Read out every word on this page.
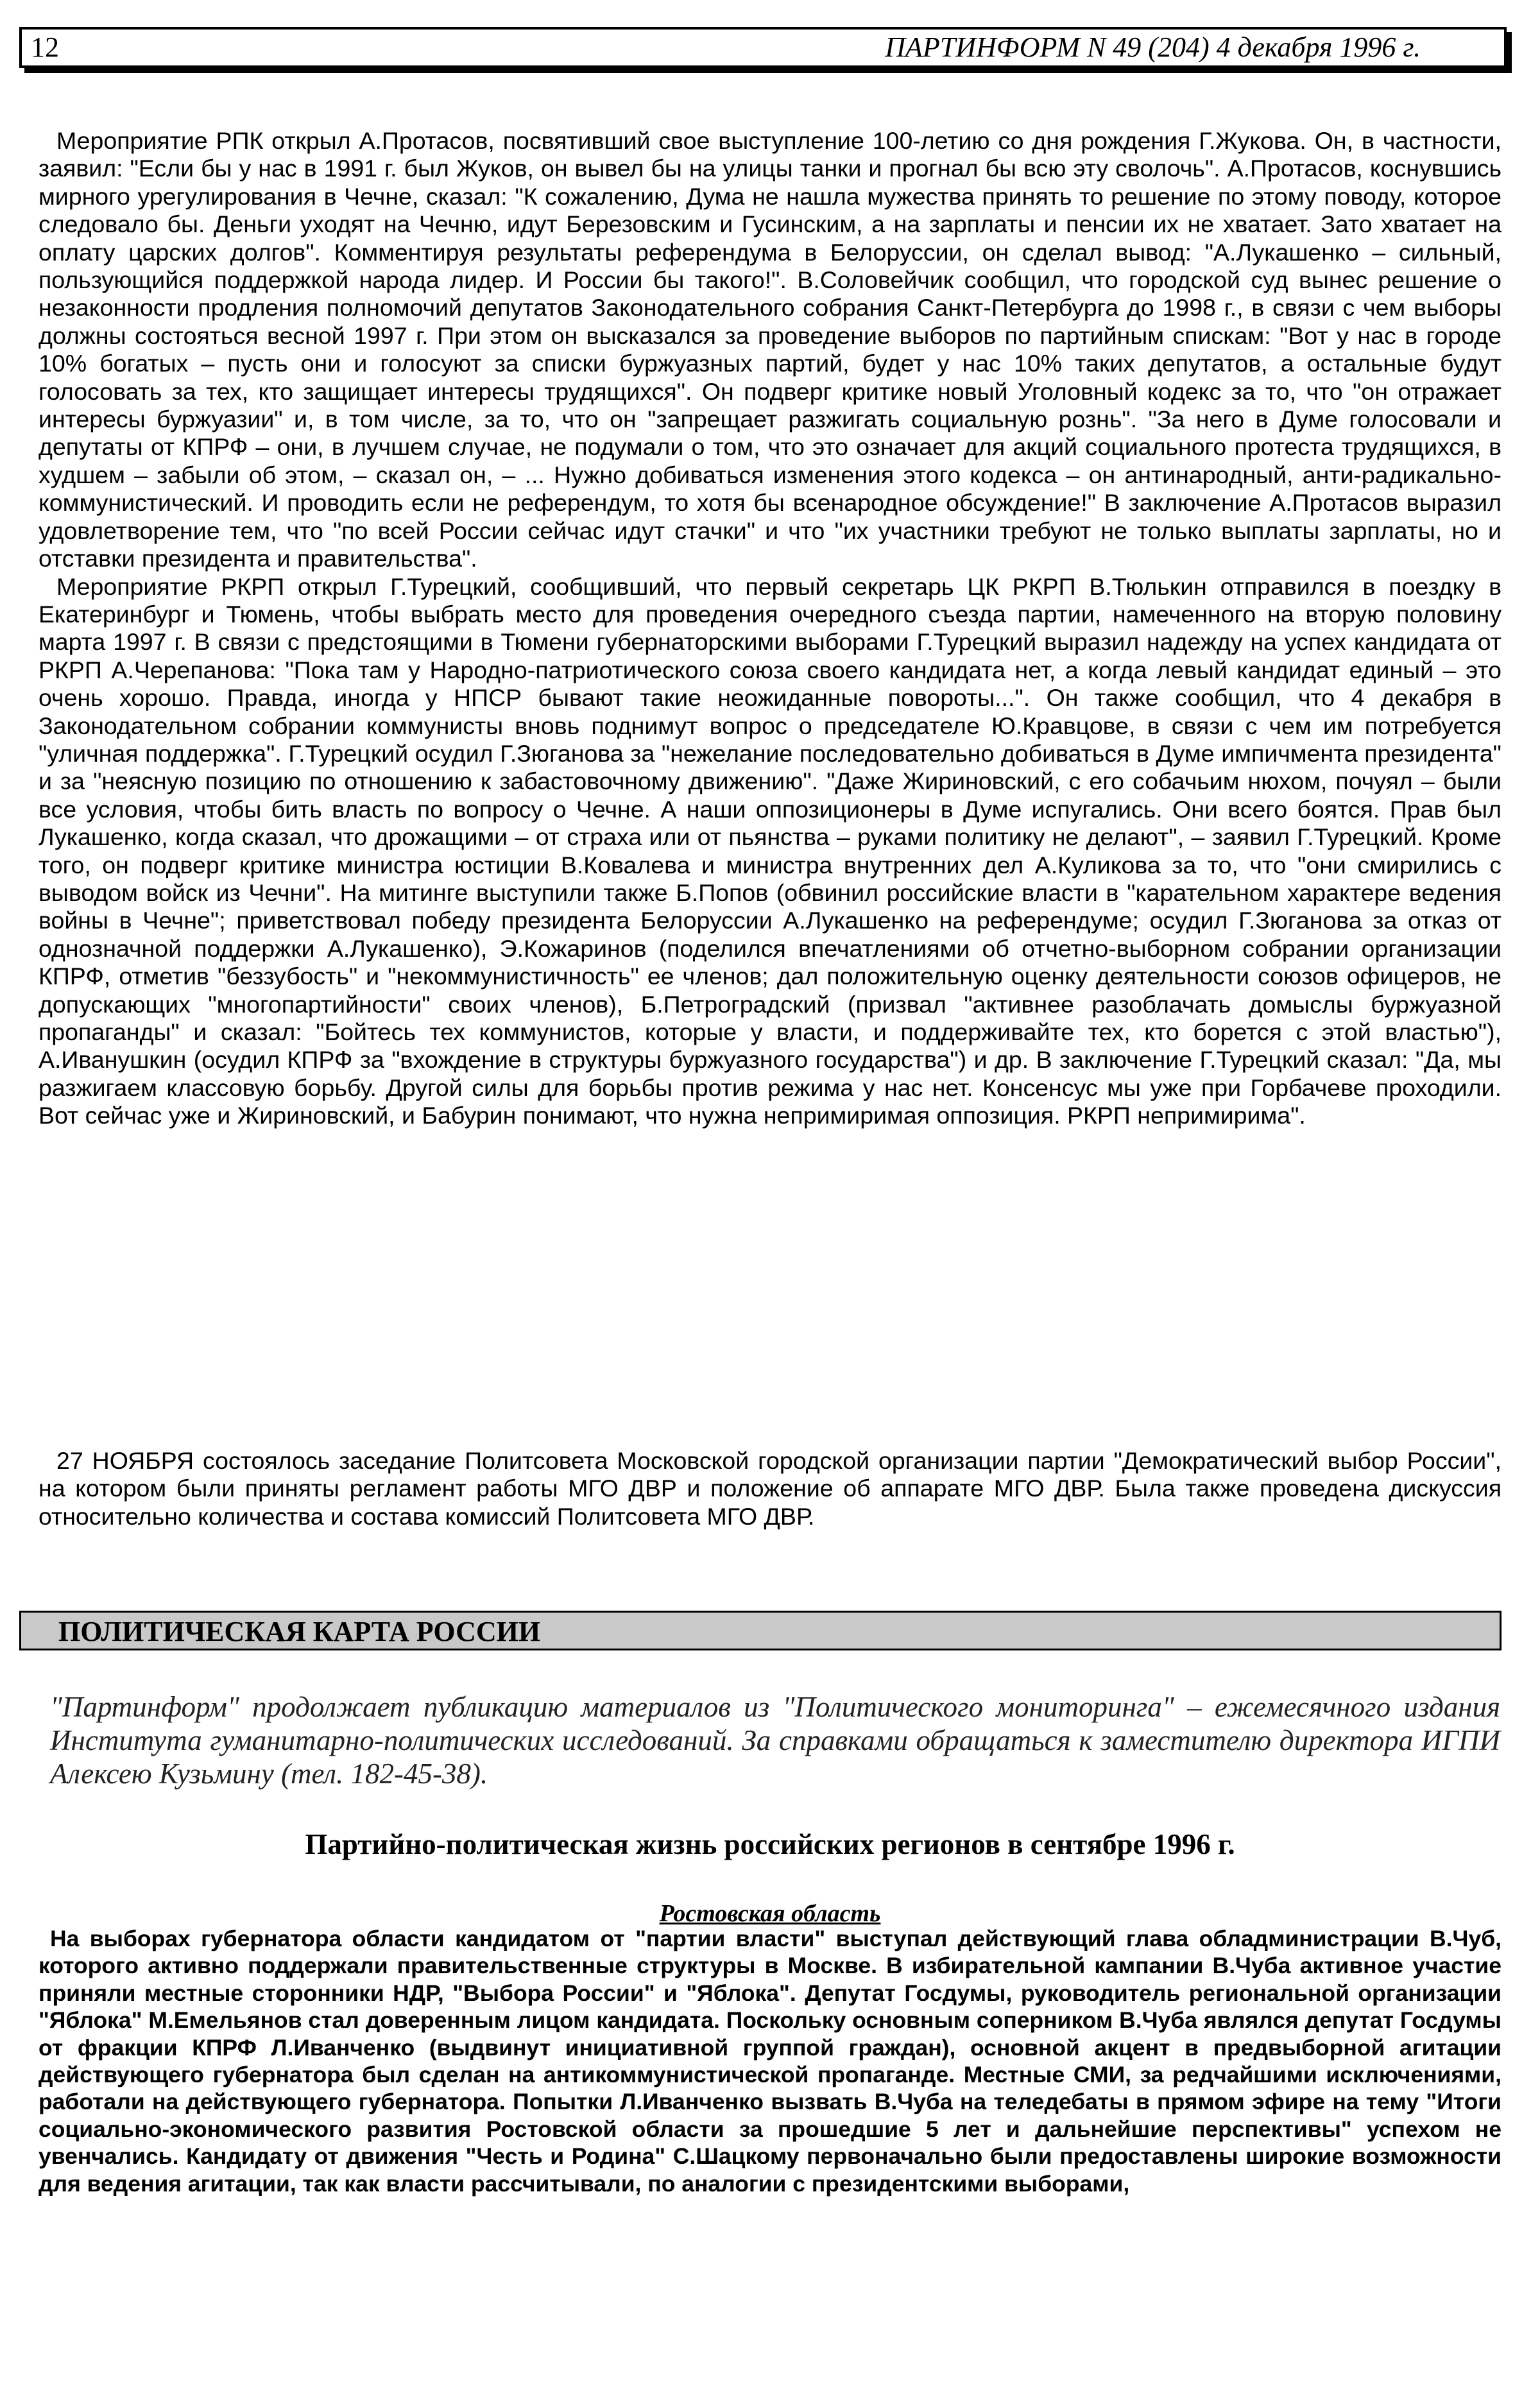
12	ПАРТИНФОРМ N 49 (204) 4 декабря 1996 г.

Мероприятие РПК открыл А.Протасов, посвятивший свое выступление 100-летию со дня рождения Г.Жукова. Он, в частности, заявил: "Если бы у нас в 1991 г. был Жуков, он вывел бы на улицы танки и прогнал бы всю эту сволочь". А.Протасов, коснувшись мирного урегулирования в Чечне, сказал: "К сожалению, Дума не нашла мужества принять то решение по этому поводу, которое следовало бы. Деньги уходят на Чечню, идут Березовским и Гусинским, а на зарплаты и пенсии их не хватает. Зато хватает на оплату царских долгов". Комментируя результаты референдума в Белоруссии, он сделал вывод: "А.Лукашенко – сильный, пользующийся поддержкой народа лидер. И России бы такого!". В.Соловейчик сообщил, что городской суд вынес решение о незаконности продления полномочий депутатов Законодательного собрания Санкт-Петербурга до 1998 г., в связи с чем выборы должны состояться весной 1997 г. При этом он высказался за проведение выборов по партийным спискам: "Вот у нас в городе 10% богатых – пусть они и голосуют за списки буржуазных партий, будет у нас 10% таких депутатов, а остальные будут голосовать за тех, кто защищает интересы трудящихся". Он подверг критике новый Уголовный кодекс за то, что "он отражает интересы буржуазии" и, в том числе, за то, что он "запрещает разжигать социальную рознь". "За него в Думе голосовали и депутаты от КПРФ – они, в лучшем случае, не подумали о том, что это означает для акций социального протеста трудящихся, в худшем – забыли об этом, – сказал он, – ... Нужно добиваться изменения этого кодекса – он антинародный, анти-радикально-коммунистический. И проводить если не референдум, то хотя бы всенародное обсуждение!" В заключение А.Протасов выразил удовлетворение тем, что "по всей России сейчас идут стачки" и что "их участники требуют не только выплаты зарплаты, но и отставки президента и правительства".

Мероприятие РКРП открыл Г.Турецкий, сообщивший, что первый секретарь ЦК РКРП В.Тюлькин отправился в поездку в Екатеринбург и Тюмень, чтобы выбрать место для проведения очередного съезда партии, намеченного на вторую половину марта 1997 г. В связи с предстоящими в Тюмени губернаторскими выборами Г.Турецкий выразил надежду на успех кандидата от РКРП А.Черепанова: "Пока там у Народно-патриотического союза своего кандидата нет, а когда левый кандидат единый – это очень хорошо. Правда, иногда у НПСР бывают такие неожиданные повороты...". Он также сообщил, что 4 декабря в Законодательном собрании коммунисты вновь поднимут вопрос о председателе Ю.Кравцове, в связи с чем им потребуется "уличная поддержка". Г.Турецкий осудил Г.Зюганова за "нежелание последовательно добиваться в Думе импичмента президента" и за "неясную позицию по отношению к забастовочному движению". "Даже Жириновский, с его собачьим нюхом, почуял – были все условия, чтобы бить власть по вопросу о Чечне. А наши оппозиционеры в Думе испугались. Они всего боятся. Прав был Лукашенко, когда сказал, что дрожащими – от страха или от пьянства – руками политику не делают", – заявил Г.Турецкий. Кроме того, он подверг критике министра юстиции В.Ковалева и министра внутренних дел А.Куликова за то, что "они смирились с выводом войск из Чечни". На митинге выступили также Б.Попов (обвинил российские власти в "карательном характере ведения войны в Чечне"; приветствовал победу президента Белоруссии А.Лукашенко на референдуме; осудил Г.Зюганова за отказ от однозначной поддержки А.Лукашенко), Э.Кожаринов (поделился впечатлениями об отчетно-выборном собрании организации КПРФ, отметив "беззубость" и "некоммунистичность" ее членов; дал положительную оценку деятельности союзов офицеров, не допускающих "многопартийности" своих членов), Б.Петроградский (призвал "активнее разоблачать домыслы буржуазной пропаганды" и сказал: "Бойтесь тех коммунистов, которые у власти, и поддерживайте тех, кто борется с этой властью"), А.Иванушкин (осудил КПРФ за "вхождение в структуры буржуазного государства") и др. В заключение Г.Турецкий сказал: "Да, мы разжигаем классовую борьбу. Другой силы для борьбы против режима у нас нет. Консенсус мы уже при Горбачеве проходили. Вот сейчас уже и Жириновский, и Бабурин понимают, что нужна непримиримая оппозиция. РКРП непримирима".

27 НОЯБРЯ состоялось заседание Политсовета Московской городской организации партии "Демократический выбор России", на котором были приняты регламент работы МГО ДВР и положение об аппарате МГО ДВР. Была также проведена дискуссия относительно количества и состава комиссий Политсовета МГО ДВР.

ПОЛИТИЧЕСКАЯ КАРТА РОССИИ

"Партинформ" продолжает публикацию материалов из "Политического мониторинга" – ежемесячного издания Института гуманитарно-политических исследований. За справками обращаться к заместителю директора ИГПИ Алексею Кузьмину (тел. 182-45-38).

Партийно-политическая жизнь российских регионов в сентябре 1996 г.

Ростовская область

На выборах губернатора области кандидатом от "партии власти" выступал действующий глава обладминистрации В.Чуб, которого активно поддержали правительственные структуры в Москве. В избирательной кампании В.Чуба активное участие приняли местные сторонники НДР, "Выбора России" и "Яблока". Депутат Госдумы, руководитель региональной организации "Яблока" М.Емельянов стал доверенным лицом кандидата. Поскольку основным соперником В.Чуба являлся депутат Госдумы от фракции КПРФ Л.Иванченко (выдвинут инициативной группой граждан), основной акцент в предвыборной агитации действующего губернатора был сделан на антикоммунистической пропаганде. Местные СМИ, за редчайшими исключениями, работали на действующего губернатора. Попытки Л.Иванченко вызвать В.Чуба на теледебаты в прямом эфире на тему "Итоги социально-экономического развития Ростовской области за прошедшие 5 лет и дальнейшие перспективы" успехом не увенчались. Кандидату от движения "Честь и Родина" С.Шацкому первоначально были предоставлены широкие возможности для ведения агитации, так как власти рассчитывали, по аналогии с президентскими выборами,
